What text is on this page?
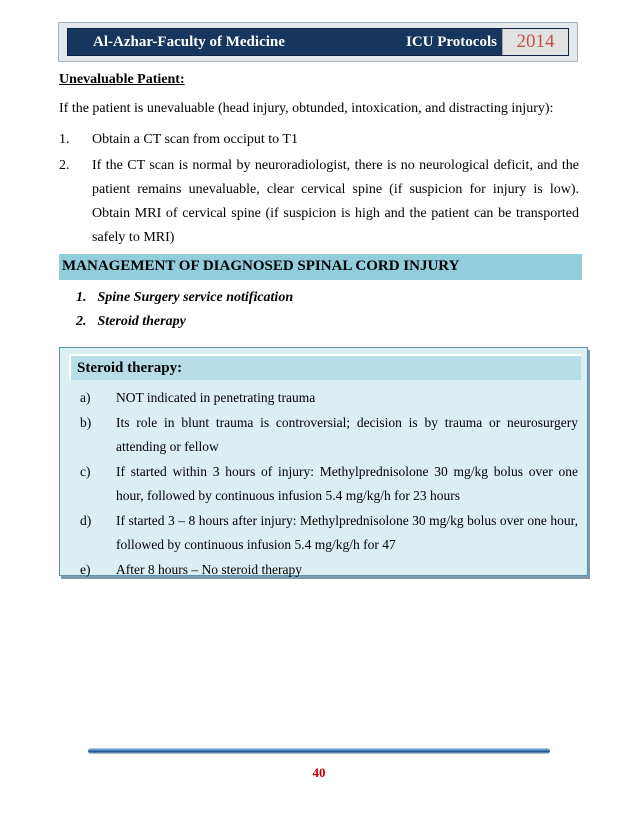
Al-Azhar-Faculty of Medicine	ICU Protocols	2014
Unevaluable Patient:
If the patient is unevaluable (head injury, obtunded, intoxication, and distracting injury):
1. Obtain a CT scan from occiput to T1
2. If the CT scan is normal by neuroradiologist, there is no neurological deficit, and the patient remains unevaluable, clear cervical spine (if suspicion for injury is low). Obtain MRI of cervical spine (if suspicion is high and the patient can be transported safely to MRI)
MANAGEMENT OF DIAGNOSED SPINAL CORD INJURY
1. Spine Surgery service notification
2. Steroid therapy
Steroid therapy:
a) NOT indicated in penetrating trauma
b) Its role in blunt trauma is controversial; decision is by trauma or neurosurgery attending or fellow
c) If started within 3 hours of injury: Methylprednisolone 30 mg/kg bolus over one hour, followed by continuous infusion 5.4 mg/kg/h for 23 hours
d) If started 3 – 8 hours after injury: Methylprednisolone 30 mg/kg bolus over one hour, followed by continuous infusion 5.4 mg/kg/h for 47
e) After 8 hours – No steroid therapy
40
